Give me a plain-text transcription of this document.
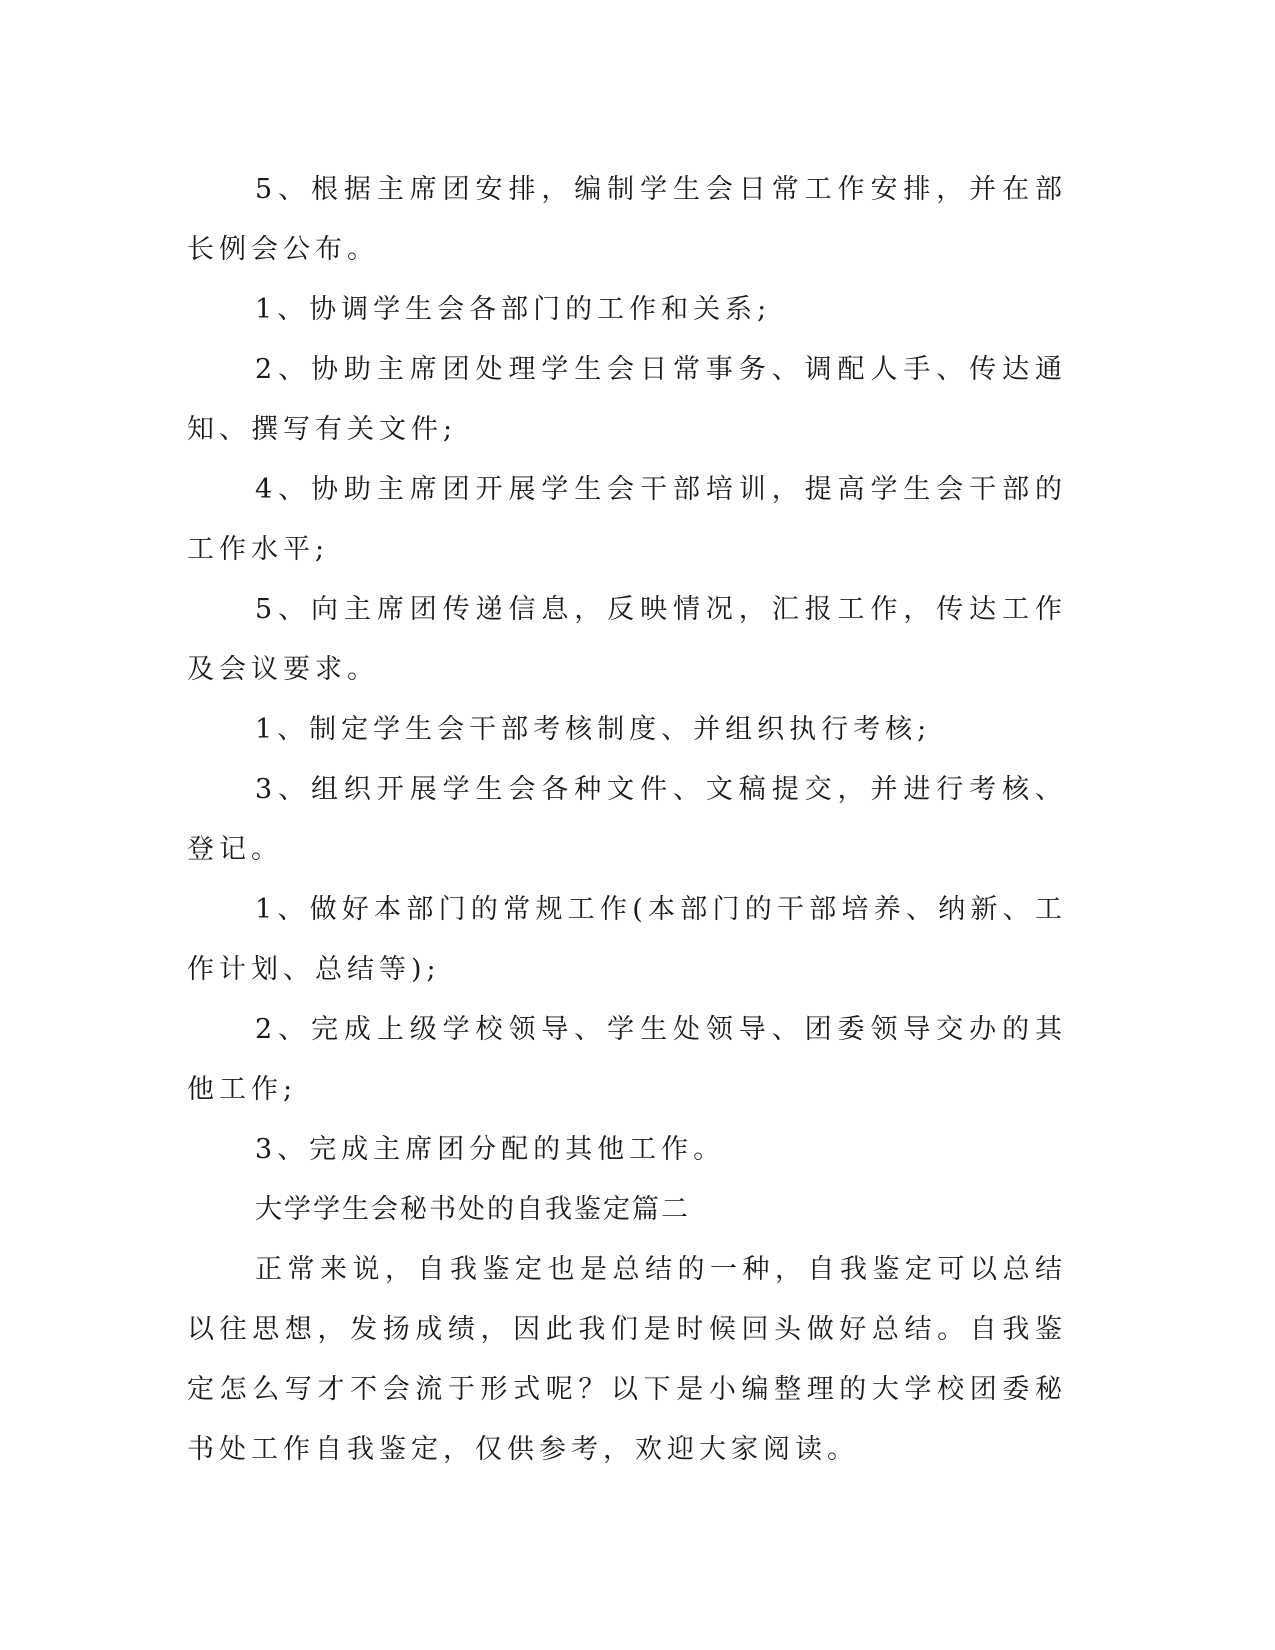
5、根据主席团安排，编制学生会日常工作安排，并在部长例会公布。

1、协调学生会各部门的工作和关系;

2、协助主席团处理学生会日常事务、调配人手、传达通知、撰写有关文件;

4、协助主席团开展学生会干部培训，提高学生会干部的工作水平;

5、向主席团传递信息，反映情况，汇报工作，传达工作及会议要求。

1、制定学生会干部考核制度、并组织执行考核;

3、组织开展学生会各种文件、文稿提交，并进行考核、登记。

1、做好本部门的常规工作(本部门的干部培养、纳新、工作计划、总结等);

2、完成上级学校领导、学生处领导、团委领导交办的其他工作;

3、完成主席团分配的其他工作。

大学学生会秘书处的自我鉴定篇二

正常来说，自我鉴定也是总结的一种，自我鉴定可以总结以往思想，发扬成绩，因此我们是时候回头做好总结。自我鉴定怎么写才不会流于形式呢？以下是小编整理的大学校团委秘书处工作自我鉴定，仅供参考，欢迎大家阅读。
